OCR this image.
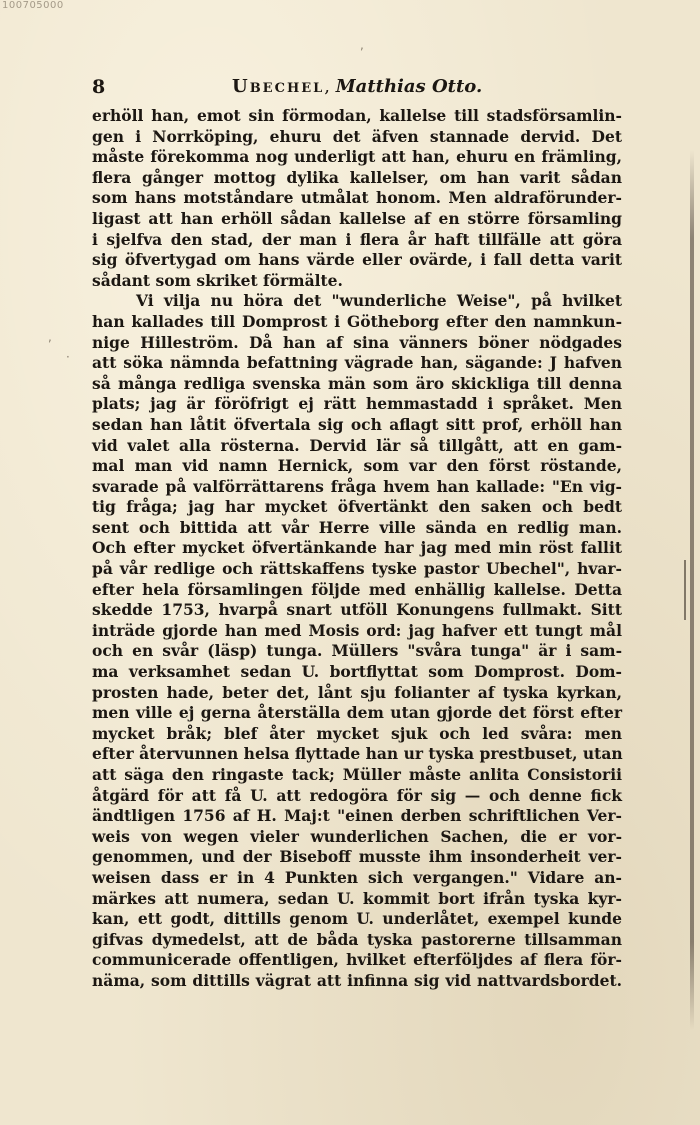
100705000
,
,
·
8	Ubechel, Matthias Otto.
erhöll han, emot sin förmodan, kallelse till stadsförsamlin-
gen i Norrköping, ehuru det äfven stannade dervid. Det
måste förekomma nog underligt att han, ehuru en främling,
flera gånger mottog dylika kallelser, om han varit sådan
som hans motståndare utmålat honom. Men aldraförunder-
ligast att han erhöll sådan kallelse af en större församling
i sjelfva den stad, der man i flera år haft tillfälle att göra
sig öfvertygad om hans värde eller ovärde, i fall detta varit
sådant som skriket förmälte.
Vi vilja nu höra det "wunderliche Weise", på hvilket
han kallades till Domprost i Götheborg efter den namnkun-
nige Hilleström. Då han af sina vänners böner nödgades
att söka nämnda befattning vägrade han, sägande: J hafven
så många redliga svenska män som äro skickliga till denna
plats; jag är föröfrigt ej rätt hemmastadd i språket. Men
sedan han låtit öfvertala sig och aflagt sitt prof, erhöll han
vid valet alla rösterna. Dervid lär så tillgått, att en gam-
mal man vid namn Hernick, som var den först röstande,
svarade på valförrättarens fråga hvem han kallade: "En vig-
tig fråga; jag har mycket öfvertänkt den saken och bedt
sent och bittida att vår Herre ville sända en redlig man.
Och efter mycket öfvertänkande har jag med min röst fallit
på vår redlige och rättskaffens tyske pastor Ubechel", hvar-
efter hela församlingen följde med enhällig kallelse. Detta
skedde 1753, hvarpå snart utföll Konungens fullmakt. Sitt
inträde gjorde han med Mosis ord: jag hafver ett tungt mål
och en svår (läsp) tunga. Müllers "svåra tunga" är i sam-
ma verksamhet sedan U. bortflyttat som Domprost. Dom-
prosten hade, beter det, lånt sju folianter af tyska kyrkan,
men ville ej gerna återställa dem utan gjorde det först efter
mycket bråk; blef åter mycket sjuk och led svåra: men
efter återvunnen helsa flyttade han ur tyska prestbuset, utan
att säga den ringaste tack; Müller måste anlita Consistorii
åtgärd för att få U. att redogöra för sig — och denne fick
ändtligen 1756 af H. Maj:t "einen derben schriftlichen Ver-
weis von wegen vieler wunderlichen Sachen, die er vor-
genommen, und der Biseboff musste ihm insonderheit ver-
weisen dass er in 4 Punkten sich vergangen." Vidare an-
märkes att numera, sedan U. kommit bort ifrån tyska kyr-
kan, ett godt, dittills genom U. underlåtet, exempel kunde
gifvas dymedelst, att de båda tyska pastorerne tillsamman
communicerade offentligen, hvilket efterföljdes af flera för-
näma, som dittills vägrat att infinna sig vid nattvardsbordet.
